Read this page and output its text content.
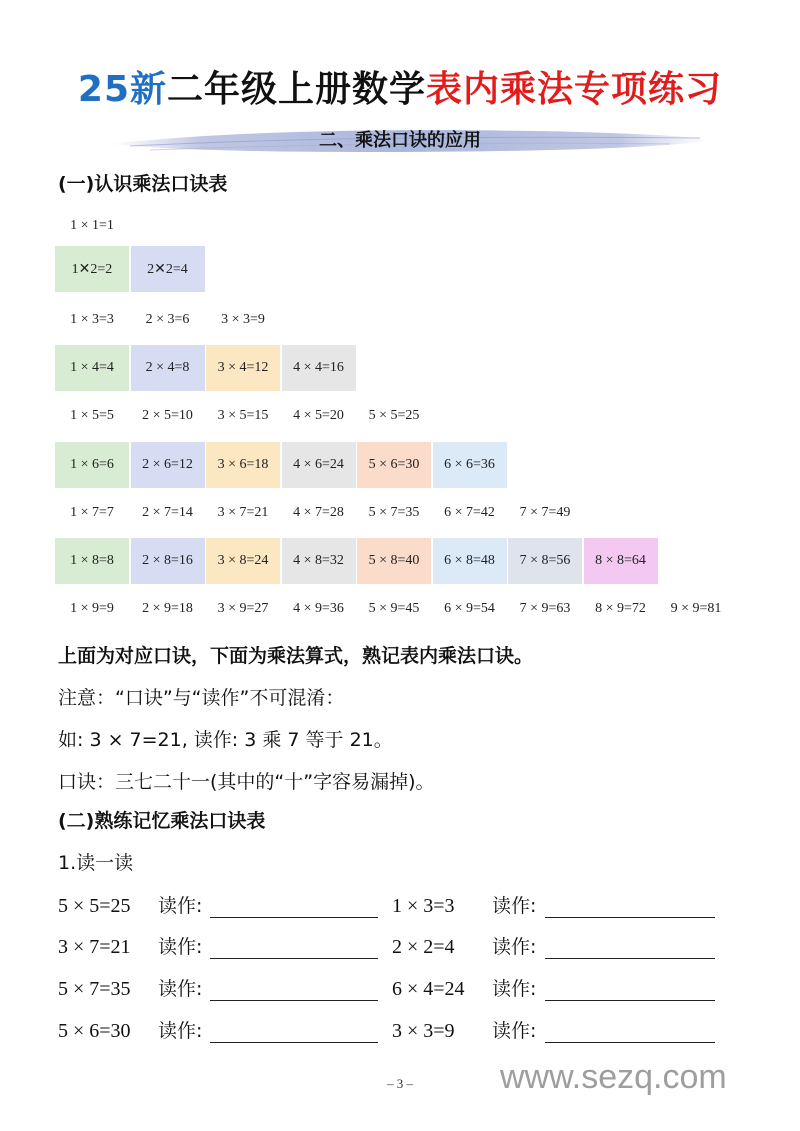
25新二年级上册数学表内乘法专项练习
二、乘法口诀的应用
(一)认识乘法口诀表
1 × 1=1
1✕2=2	2✕2=4
1 × 3=3	2 × 3=6	3 × 3=9
1 × 4=4	2 × 4=8	3 × 4=12	4 × 4=16
1 × 5=5	2 × 5=10	3 × 5=15	4 × 5=20	5 × 5=25
1 × 6=6	2 × 6=12	3 × 6=18	4 × 6=24	5 × 6=30	6 × 6=36
1 × 7=7	2 × 7=14	3 × 7=21	4 × 7=28	5 × 7=35	6 × 7=42	7 × 7=49
1 × 8=8	2 × 8=16	3 × 8=24	4 × 8=32	5 × 8=40	6 × 8=48	7 × 8=56	8 × 8=64
1 × 9=9	2 × 9=18	3 × 9=27	4 × 9=36	5 × 9=45	6 × 9=54	7 × 9=63	8 × 9=72	9 × 9=81
上面为对应口诀，下面为乘法算式，熟记表内乘法口诀。
注意：“口诀”与“读作”不可混淆：
如: 3 × 7=21, 读作: 3 乘 7 等于 21。
口诀：三七二十一(其中的“十”字容易漏掉)。
(二)熟练记忆乘法口诀表
1.读一读
5 × 5=25 读作:	1 × 3=3 读作:
3 × 7=21 读作:	2 × 2=4 读作:
5 × 7=35 读作:	6 × 4=24 读作:
5 × 6=30 读作:	3 × 3=9 读作:
– 3 –	www.sezq.com
